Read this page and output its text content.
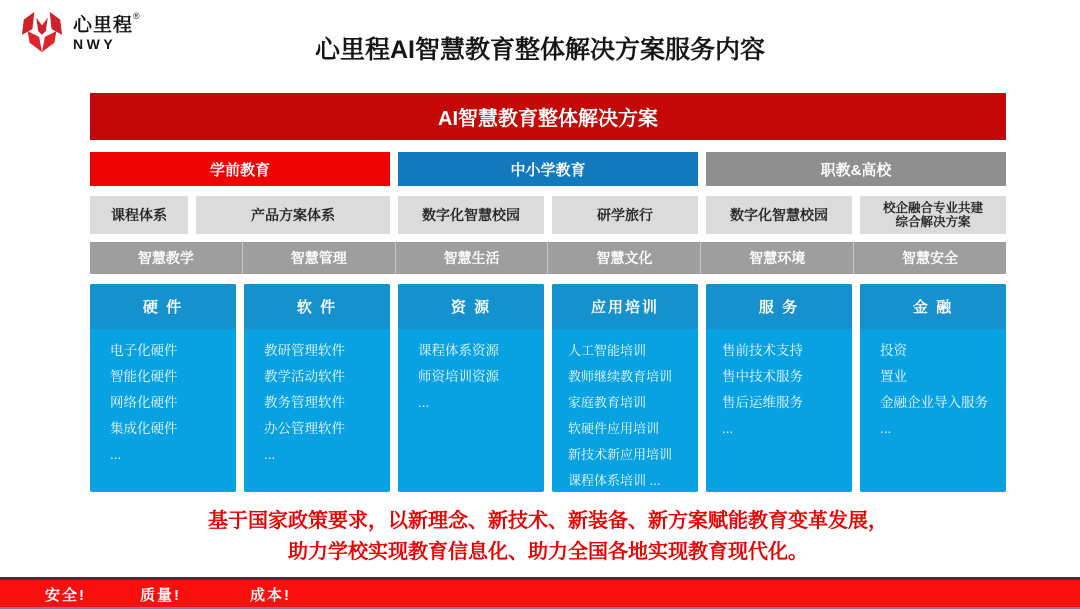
心里程®
NWY	心里程AI智慧教育整体解决方案服务内容
AI智慧教育整体解决方案
学前教育	中小学教育	职教&高校
课程体系	产品方案体系	数字化智慧校园	研学旅行	数字化智慧校园	校企融合专业共建
综合解决方案
智慧教学	智慧管理	智慧生活	智慧文化	智慧环境	智慧安全
硬 件
电子化硬件
智能化硬件
网络化硬件
集成化硬件
...
软 件
教研管理软件
教学活动软件
教务管理软件
办公管理软件
...
资 源
课程体系资源
师资培训资源
...
应用培训
人工智能培训
教师继续教育培训
家庭教育培训
软硬件应用培训
新技术新应用培训
课程体系培训 ...
服 务
售前技术支持
售中技术服务
售后运维服务
...
金 融
投资
置业
金融企业导入服务
...
基于国家政策要求，以新理念、新技术、新装备、新方案赋能教育变革发展，
助力学校实现教育信息化、助力全国各地实现教育现代化。
安全!	质量!	成本!
